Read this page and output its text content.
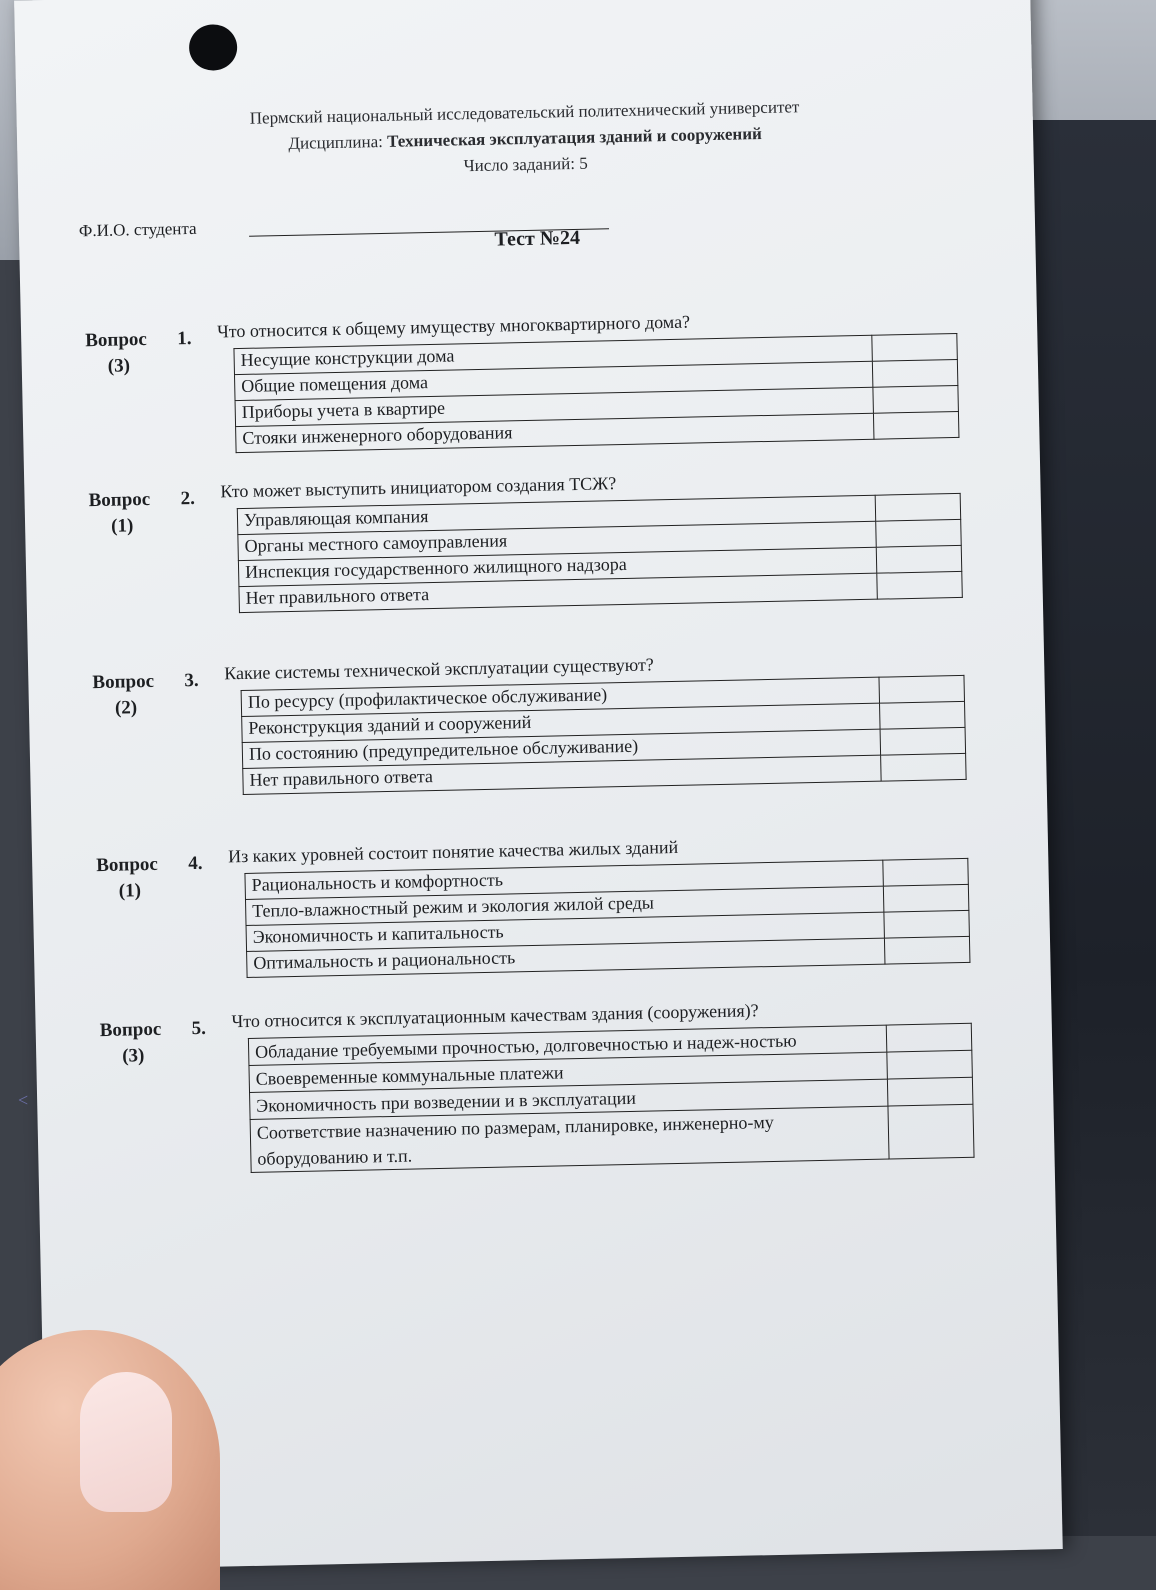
Пермский национальный исследовательский политехнический университет
Дисциплина: Техническая эксплуатация зданий и сооружений
Число заданий: 5
Ф.И.О. студента	Тест №24
Вопрос 1.
(3)
Что относится к общему имуществу многоквартирного дома?
Несущие конструкции дома	
Общие помещения дома	
Приборы учета в квартире	
Стояки инженерного оборудования	
Вопрос 2.
(1)
Кто может выступить инициатором создания ТСЖ?
Управляющая компания	
Органы местного самоуправления	
Инспекция государственного жилищного надзора	
Нет правильного ответа	
Вопрос 3.
(2)
Какие системы технической эксплуатации существуют?
По ресурсу (профилактическое обслуживание)	
Реконструкция зданий и сооружений	
По состоянию (предупредительное обслуживание)	
Нет правильного ответа	
Вопрос 4.
(1)
Из каких уровней состоит понятие качества жилых зданий
Рациональность и комфортность	
Тепло-влажностный режим и экология жилой среды	
Экономичность и капитальность	
Оптимальность и рациональность	
Вопрос 5.
(3)
Что относится к эксплуатационным качествам здания (сооружения)?
Обладание требуемыми прочностью, долговечностью и надеж-ностью	
Своевременные коммунальные платежи	
Экономичность при возведении и в эксплуатации	
Соответствие назначению по размерам, планировке, инженерно-му оборудованию и т.п.	
<
